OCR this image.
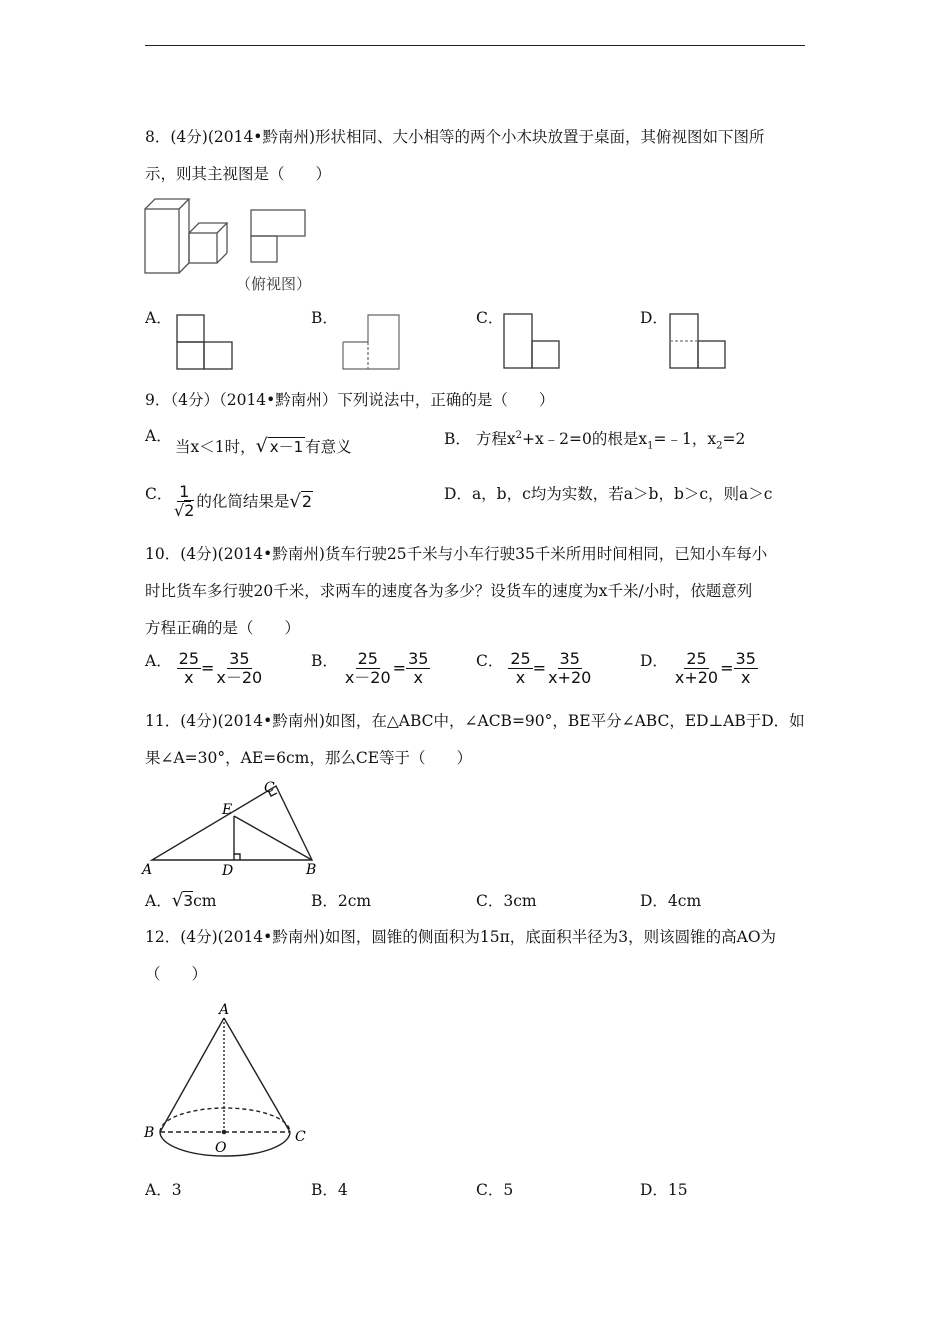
8．(4分)(2014•黔南州)形状相同、大小相等的两个小木块放置于桌面，其俯视图如下图所
示，则其主视图是（　　）
（俯视图）
A．	B．	C．	D．
9．（4分）（2014•黔南州）下列说法中，正确的是（　　）
A．
当x＜1时，√ x－1 有意义	B． 方程$x^2+x﹣2=0$的根是$x_1=﹣1$，$x_2=2$
C． $\frac{1}{√2}$ 的化简结果是√2	D．a，b，c均为实数，若a＞b，b＞c，则a＞c
10．(4分)(2014•黔南州)货车行驶25千米与小车行驶35千米所用时间相同，已知小车每小
时比货车多行驶20千米，求两车的速度各为多少？设货车的速度为x千米/小时，依题意列
方程正确的是（　　）
A． $\frac{25}{x} = \frac{35}{x-20}$	B． $\frac{25}{x-20} = \frac{35}{x}$	C． $\frac{25}{x} = \frac{35}{x+20}$	D． $\frac{25}{x+20} = \frac{35}{x}$
11．(4分)(2014•黔南州)如图，在△ABC中，∠ACB=90°，BE平分∠ABC，ED⊥AB于D．如
果∠A=30°，AE=6cm，那么CE等于（　　）
A	B
C
D
E
A．√3cm	B．2cm	C．3cm	D．4cm
12．(4分)(2014•黔南州)如图，圆锥的侧面积为15π，底面积半径为3，则该圆锥的高AO为
（　　）
A
B	C
O
A．3	B．4	C．5	D．15
